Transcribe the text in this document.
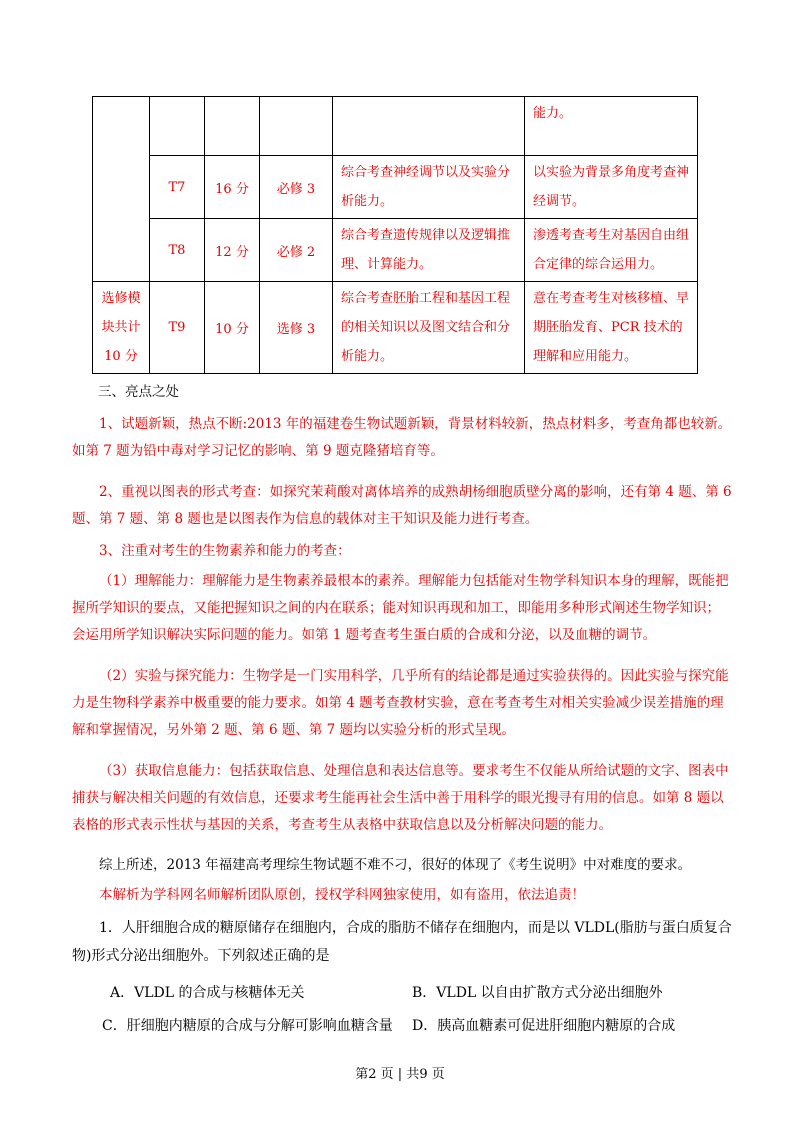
					能力。

	T7	16 分	必修 3	综合考查神经调节以及实验分析能力。	以实验为背景多角度考查神经调节。

	T8	12 分	必修 2	综合考查遗传规律以及逻辑推理、计算能力。	渗透考查考生对基因自由组合定律的综合运用力。

选修模块共计 10 分	T9	10 分	选修 3	综合考查胚胎工程和基因工程的相关知识以及图文结合和分析能力。	意在考查考生对核移植、早期胚胎发育、PCR 技术的理解和应用能力。
三、亮点之处
1、试题新颖，热点不断:2013 年的福建卷生物试题新颖，背景材料较新，热点材料多，考查角都也较新。如第 7 题为铅中毒对学习记忆的影响、第 9 题克隆猪培育等。
2、重视以图表的形式考查：如探究茉莉酸对离体培养的成熟胡杨细胞质壁分离的影响，还有第 4 题、第 6 题、第 7 题、第 8 题也是以图表作为信息的载体对主干知识及能力进行考查。
3、注重对考生的生物素养和能力的考查：
（1）理解能力：理解能力是生物素养最根本的素养。理解能力包括能对生物学科知识本身的理解，既能把握所学知识的要点，又能把握知识之间的内在联系；能对知识再现和加工，即能用多种形式阐述生物学知识；会运用所学知识解决实际问题的能力。如第 1 题考查考生蛋白质的合成和分泌，以及血糖的调节。
（2）实验与探究能力：生物学是一门实用科学，几乎所有的结论都是通过实验获得的。因此实验与探究能力是生物科学素养中极重要的能力要求。如第 4 题考查教材实验，意在考查考生对相关实验减少误差措施的理解和掌握情况，另外第 2 题、第 6 题、第 7 题均以实验分析的形式呈现。
（3）获取信息能力：包括获取信息、处理信息和表达信息等。要求考生不仅能从所给试题的文字、图表中捕获与解决相关问题的有效信息，还要求考生能再社会生活中善于用科学的眼光搜寻有用的信息。如第 8 题以表格的形式表示性状与基因的关系，考查考生从表格中获取信息以及分析解决问题的能力。
综上所述，2013 年福建高考理综生物试题不难不刁，很好的体现了《考生说明》中对难度的要求。
本解析为学科网名师解析团队原创，授权学科网独家使用，如有盗用，依法追责！
1．人肝细胞合成的糖原储存在细胞内，合成的脂肪不储存在细胞内，而是以 VLDL(脂肪与蛋白质复合物)形式分泌出细胞外。下列叙述正确的是
A．VLDL 的合成与核糖体无关	B．VLDL 以自由扩散方式分泌出细胞外
C．肝细胞内糖原的合成与分解可影响血糖含量 D．胰高血糖素可促进肝细胞内糖原的合成
第2 页 | 共9 页
